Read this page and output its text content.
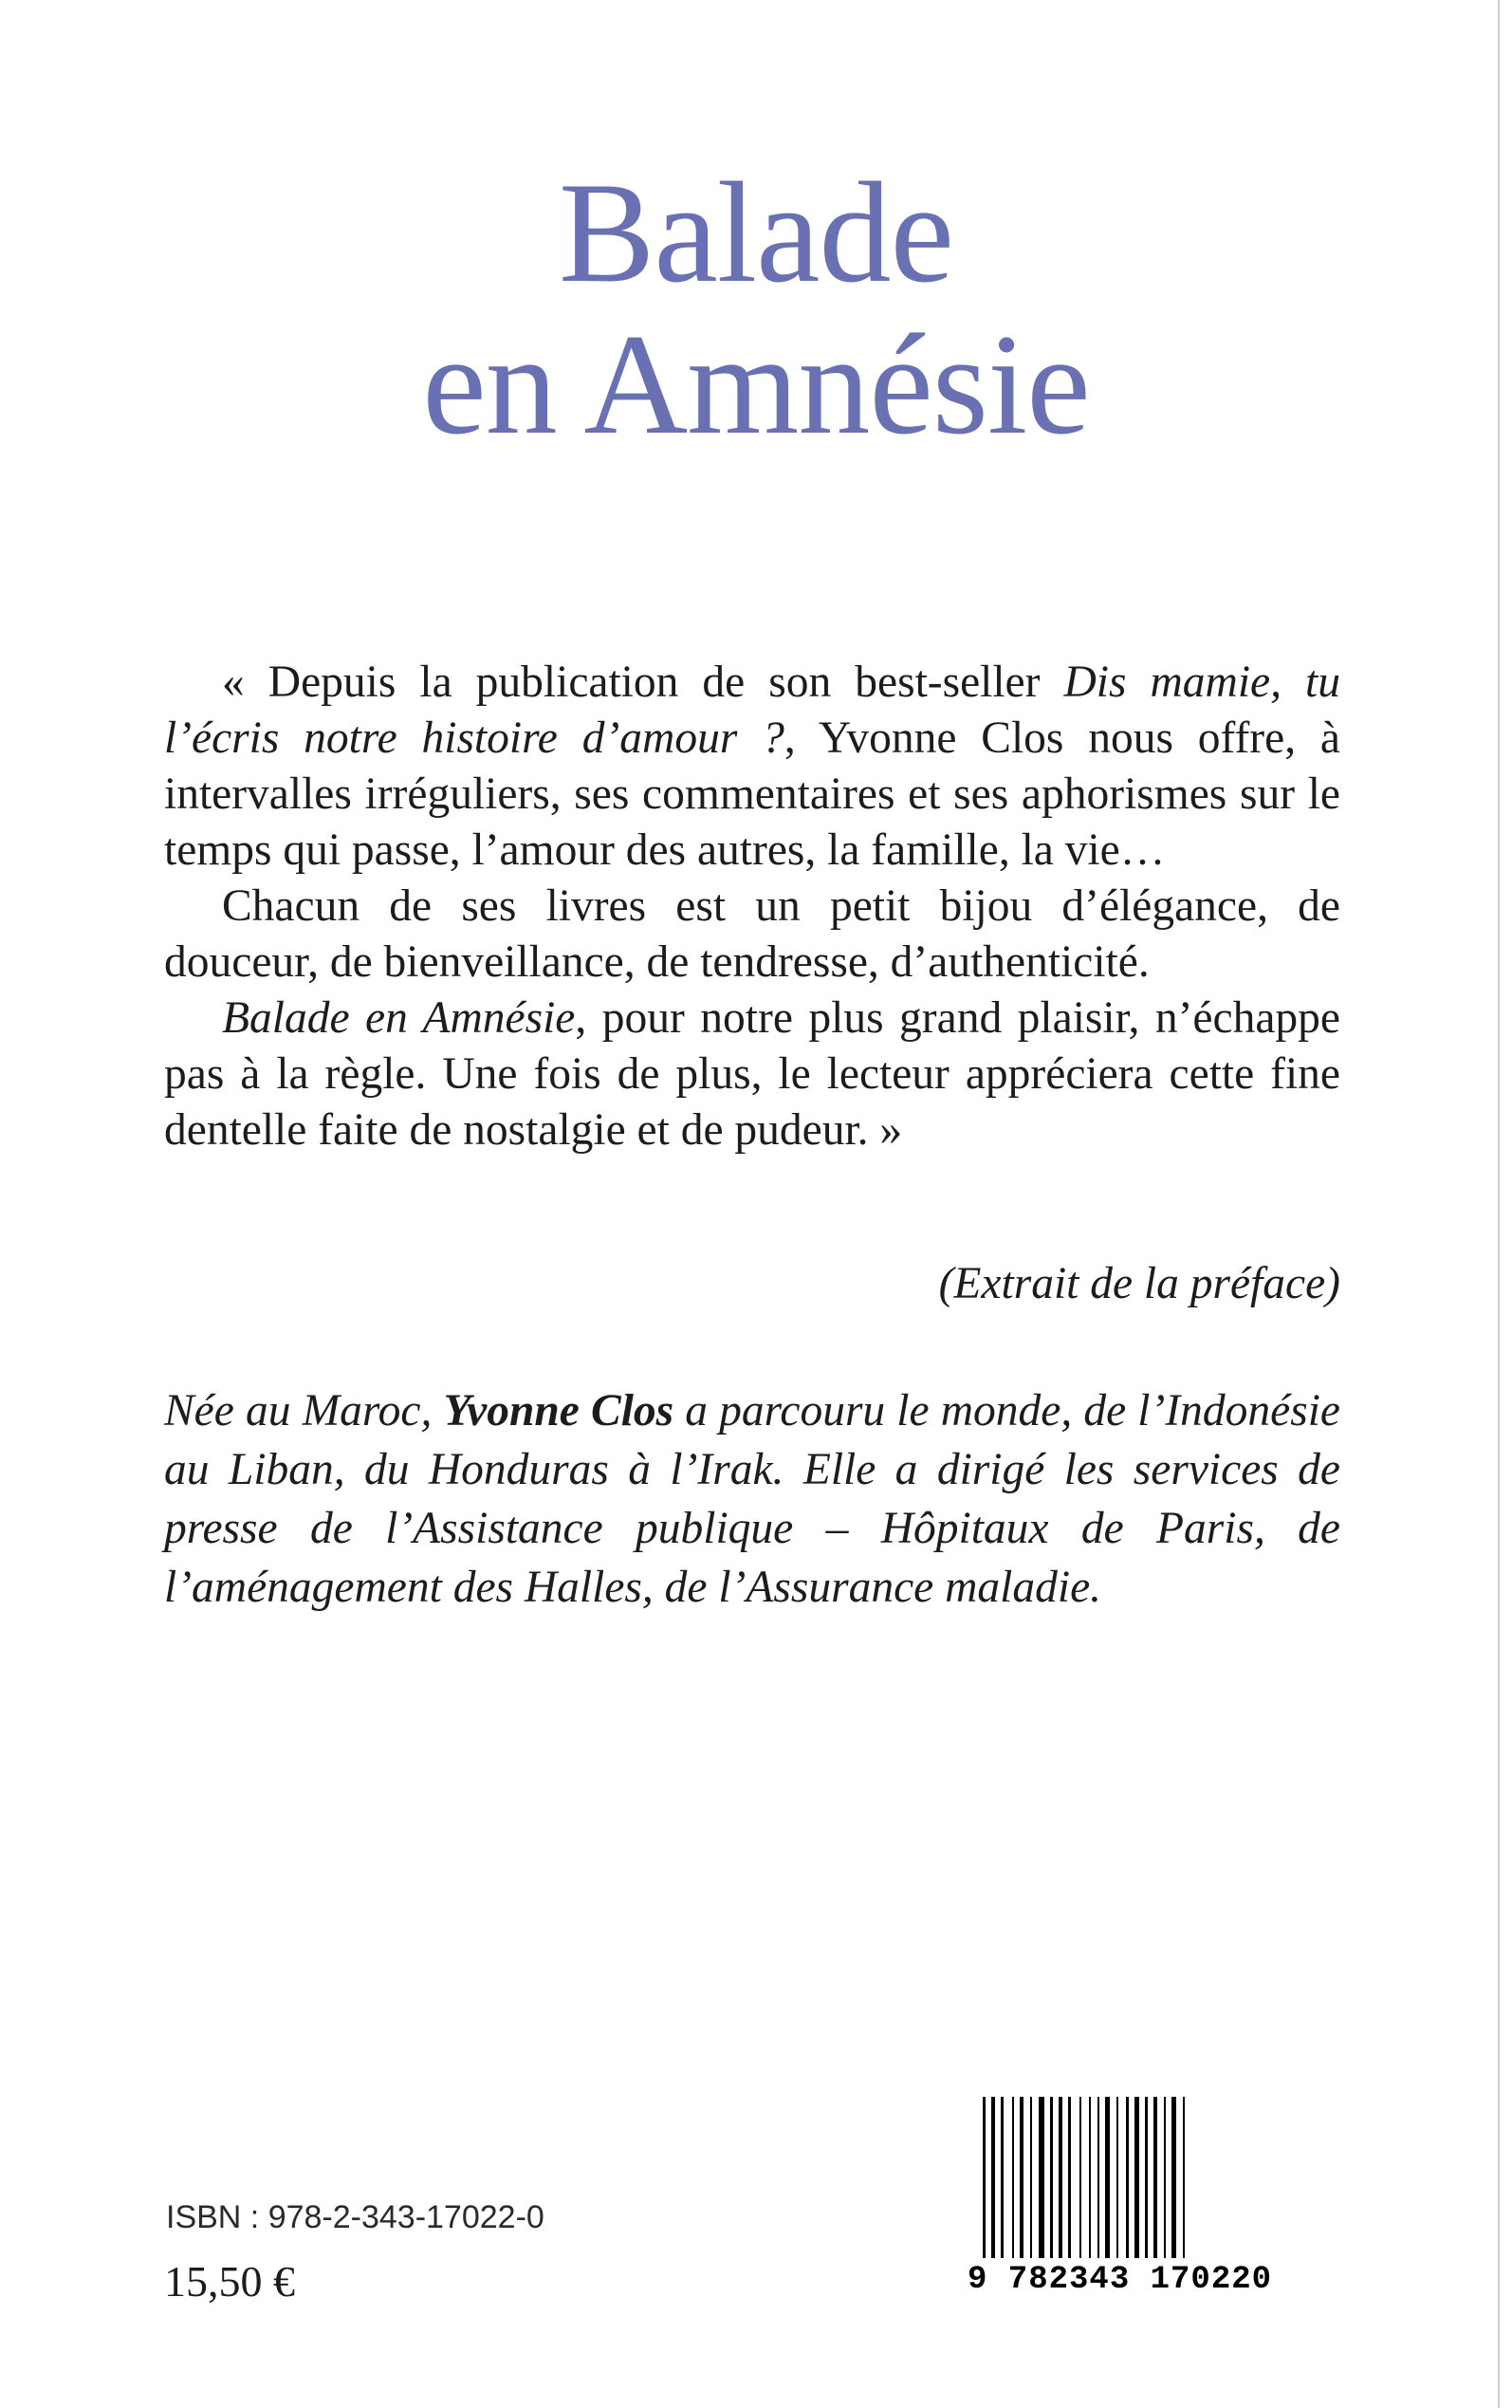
Balade
en Amnésie

« Depuis la publication de son best-seller Dis mamie, tu l’écris notre histoire d’amour ?, Yvonne Clos nous offre, à intervalles irréguliers, ses commentaires et ses aphorismes sur le temps qui passe, l’amour des autres, la famille, la vie…

Chacun de ses livres est un petit bijou d’élégance, de douceur, de bienveillance, de tendresse, d’authenticité.

Balade en Amnésie, pour notre plus grand plaisir, n’échappe pas à la règle. Une fois de plus, le lecteur appréciera cette fine dentelle faite de nostalgie et de pudeur. »

(Extrait de la préface)

Née au Maroc, Yvonne Clos a parcouru le monde, de l’Indonésie au Liban, du Honduras à l’Irak. Elle a dirigé les services de presse de l’Assistance publique – Hôpitaux de Paris, de l’aménagement des Halles, de l’Assurance maladie.

ISBN : 978-2-343-17022-0
15,50 €	9 782343 170220
